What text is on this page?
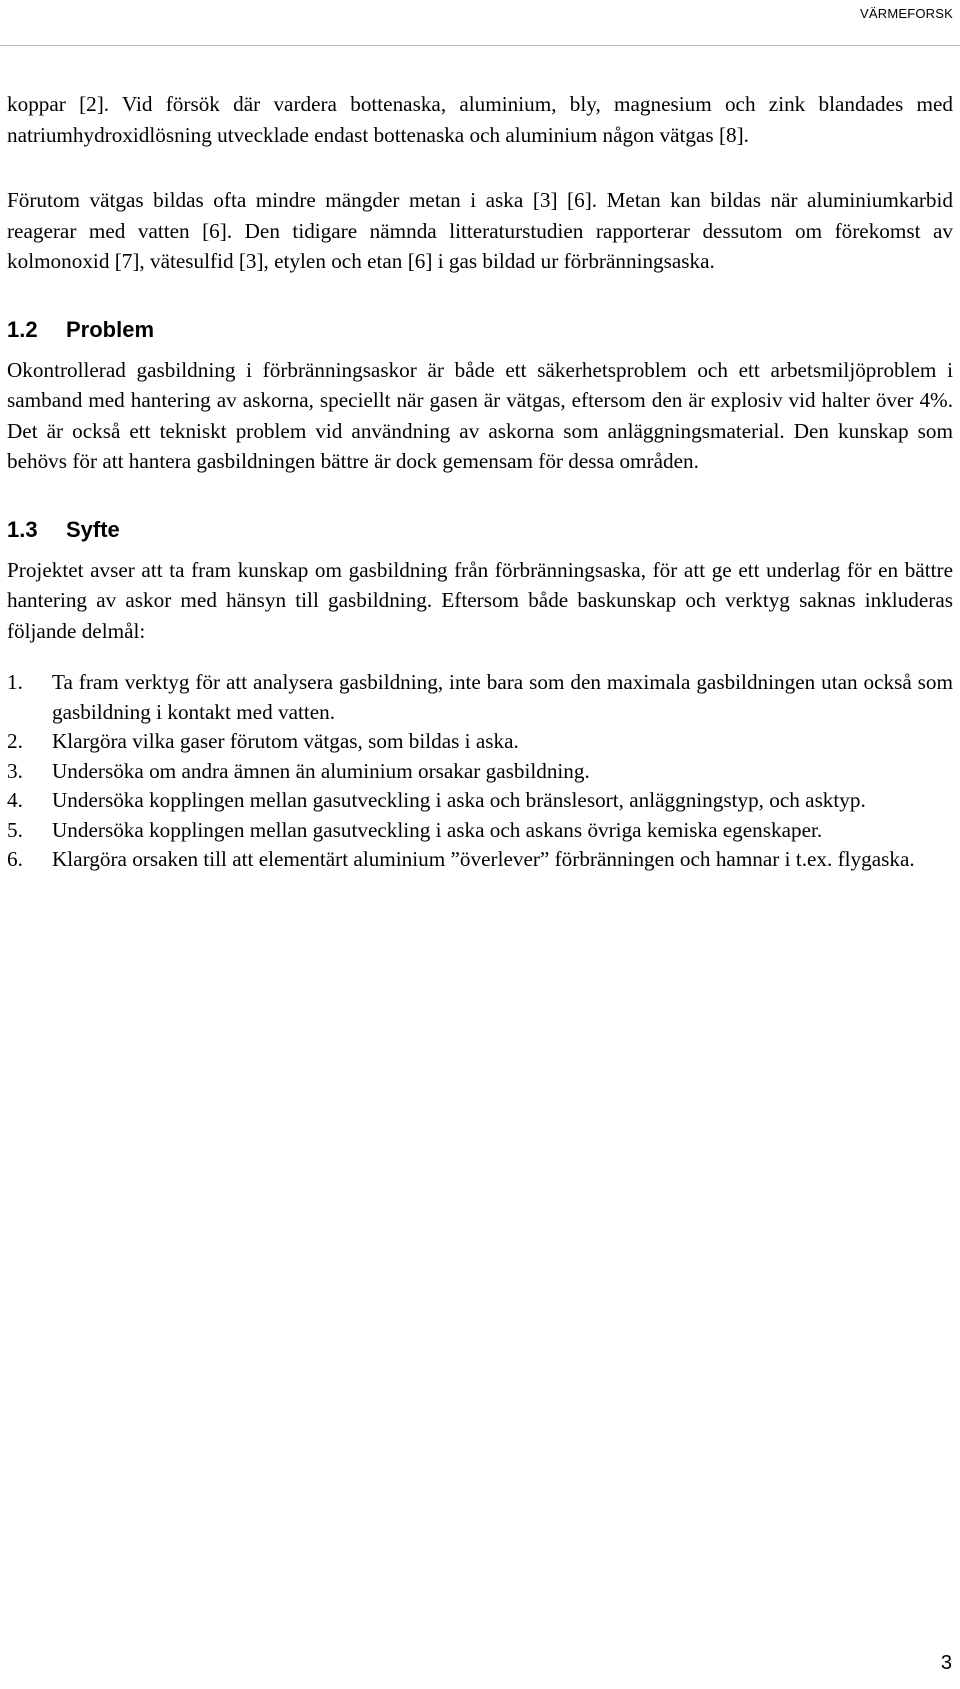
VÄRMEFORSK

koppar [2]. Vid försök där vardera bottenaska, aluminium, bly, magnesium och zink blandades med natriumhydroxidlösning utvecklade endast bottenaska och aluminium någon vätgas [8].

Förutom vätgas bildas ofta mindre mängder metan i aska [3] [6]. Metan kan bildas när aluminiumkarbid reagerar med vatten [6]. Den tidigare nämnda litteraturstudien rapporterar dessutom om förekomst av kolmonoxid [7], vätesulfid [3], etylen och etan [6] i gas bildad ur förbränningsaska.

1.2	Problem

Okontrollerad gasbildning i förbränningsaskor är både ett säkerhetsproblem och ett arbetsmiljöproblem i samband med hantering av askorna, speciellt när gasen är vätgas, eftersom den är explosiv vid halter över 4%. Det är också ett tekniskt problem vid användning av askorna som anläggningsmaterial. Den kunskap som behövs för att hantera gasbildningen bättre är dock gemensam för dessa områden.

1.3	Syfte

Projektet avser att ta fram kunskap om gasbildning från förbränningsaska, för att ge ett underlag för en bättre hantering av askor med hänsyn till gasbildning. Eftersom både baskunskap och verktyg saknas inkluderas följande delmål:

1.	Ta fram verktyg för att analysera gasbildning, inte bara som den maximala gasbildningen utan också som gasbildning i kontakt med vatten.
2.	Klargöra vilka gaser förutom vätgas, som bildas i aska.
3.	Undersöka om andra ämnen än aluminium orsakar gasbildning.
4.	Undersöka kopplingen mellan gasutveckling i aska och bränslesort, anläggningstyp, och asktyp.
5.	Undersöka kopplingen mellan gasutveckling i aska och askans övriga kemiska egenskaper.
6.	Klargöra orsaken till att elementärt aluminium ”överlever” förbränningen och hamnar i t.ex. flygaska.
3
